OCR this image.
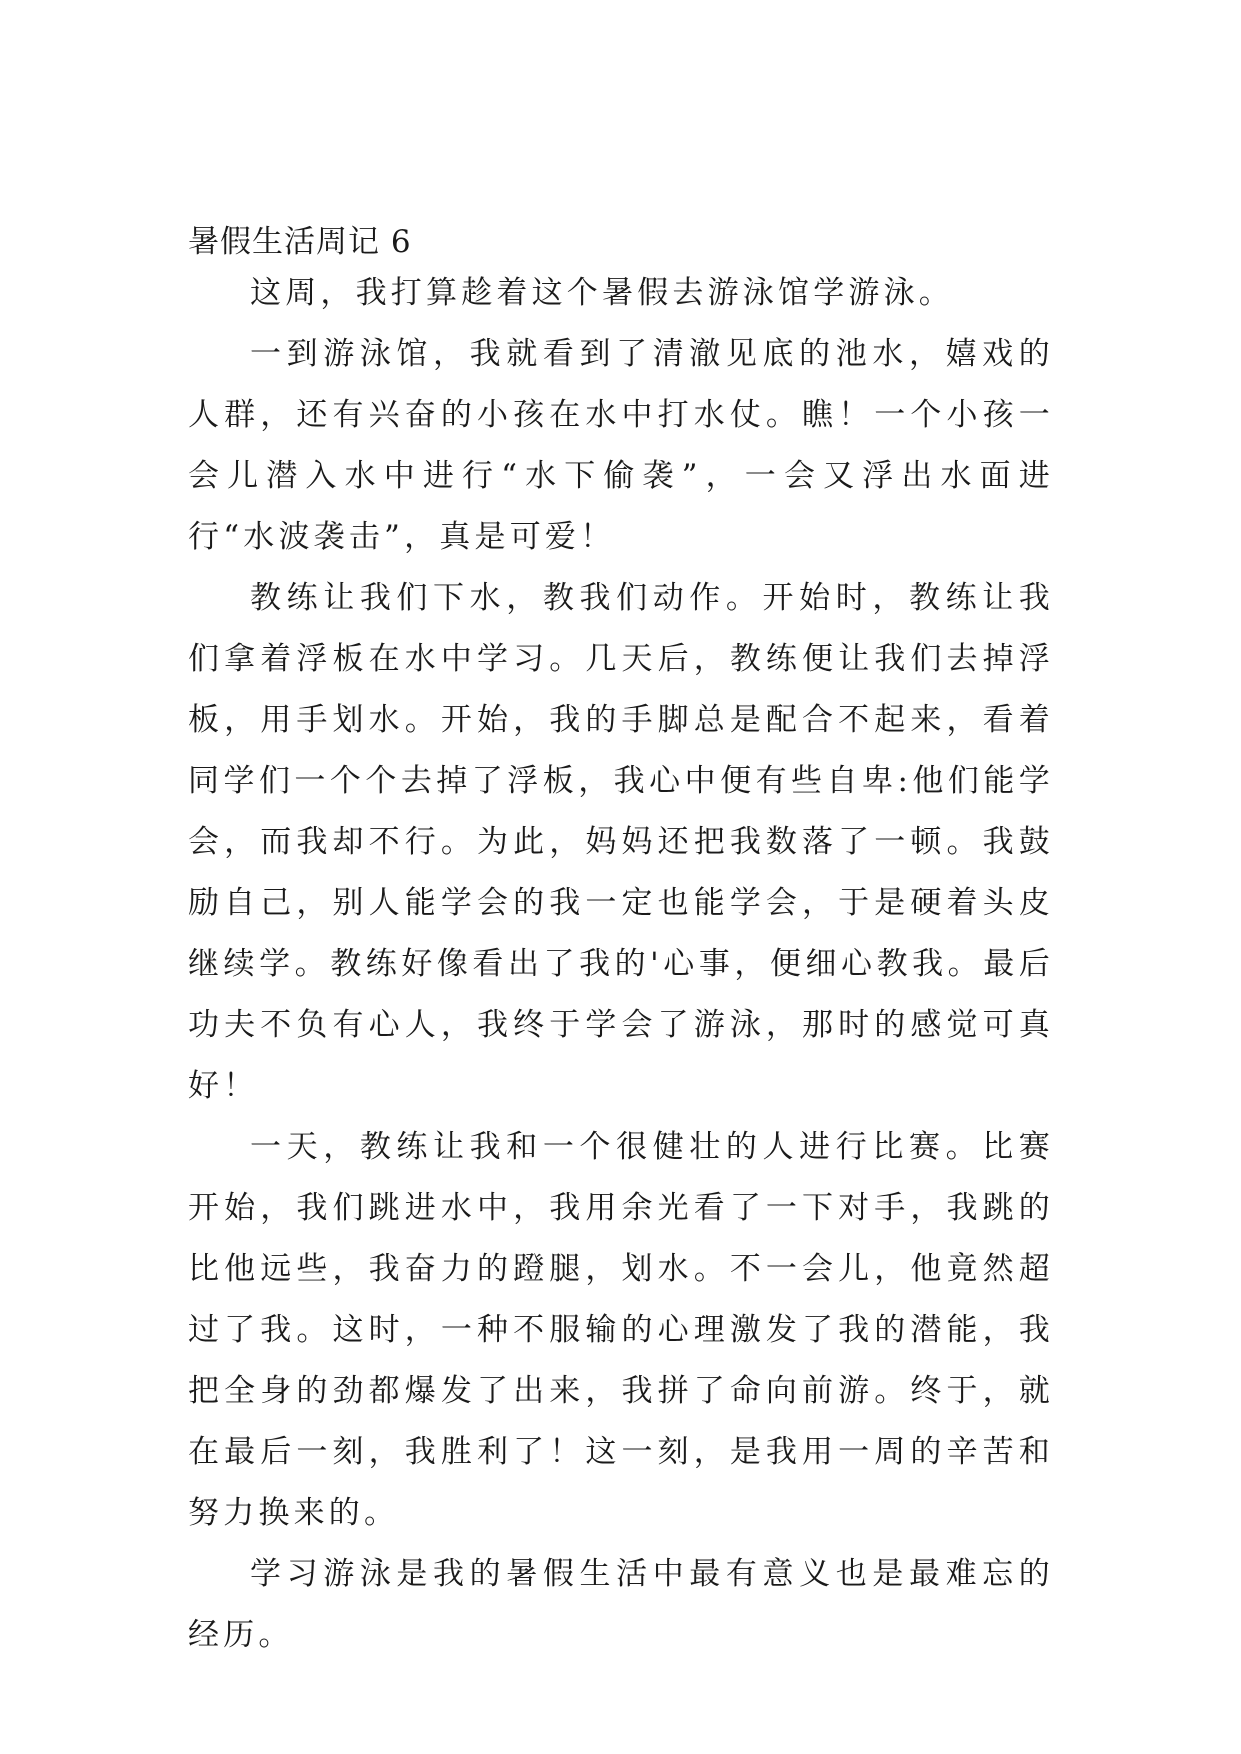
暑假生活周记 6

这周，我打算趁着这个暑假去游泳馆学游泳。

一到游泳馆，我就看到了清澈见底的池水，嬉戏的人群，还有兴奋的小孩在水中打水仗。瞧！一个小孩一会儿潜入水中进行“水下偷袭”，一会又浮出水面进行“水波袭击”，真是可爱！

教练让我们下水，教我们动作。开始时，教练让我们拿着浮板在水中学习。几天后，教练便让我们去掉浮板，用手划水。开始，我的手脚总是配合不起来，看着同学们一个个去掉了浮板，我心中便有些自卑:他们能学会，而我却不行。为此，妈妈还把我数落了一顿。我鼓励自己，别人能学会的我一定也能学会，于是硬着头皮继续学。教练好像看出了我的'心事，便细心教我。最后功夫不负有心人，我终于学会了游泳，那时的感觉可真好！

一天，教练让我和一个很健壮的人进行比赛。比赛开始，我们跳进水中，我用余光看了一下对手，我跳的比他远些，我奋力的蹬腿，划水。不一会儿，他竟然超过了我。这时，一种不服输的心理激发了我的潜能，我把全身的劲都爆发了出来，我拼了命向前游。终于，就在最后一刻，我胜利了！这一刻，是我用一周的辛苦和努力换来的。

学习游泳是我的暑假生活中最有意义也是最难忘的经历。
